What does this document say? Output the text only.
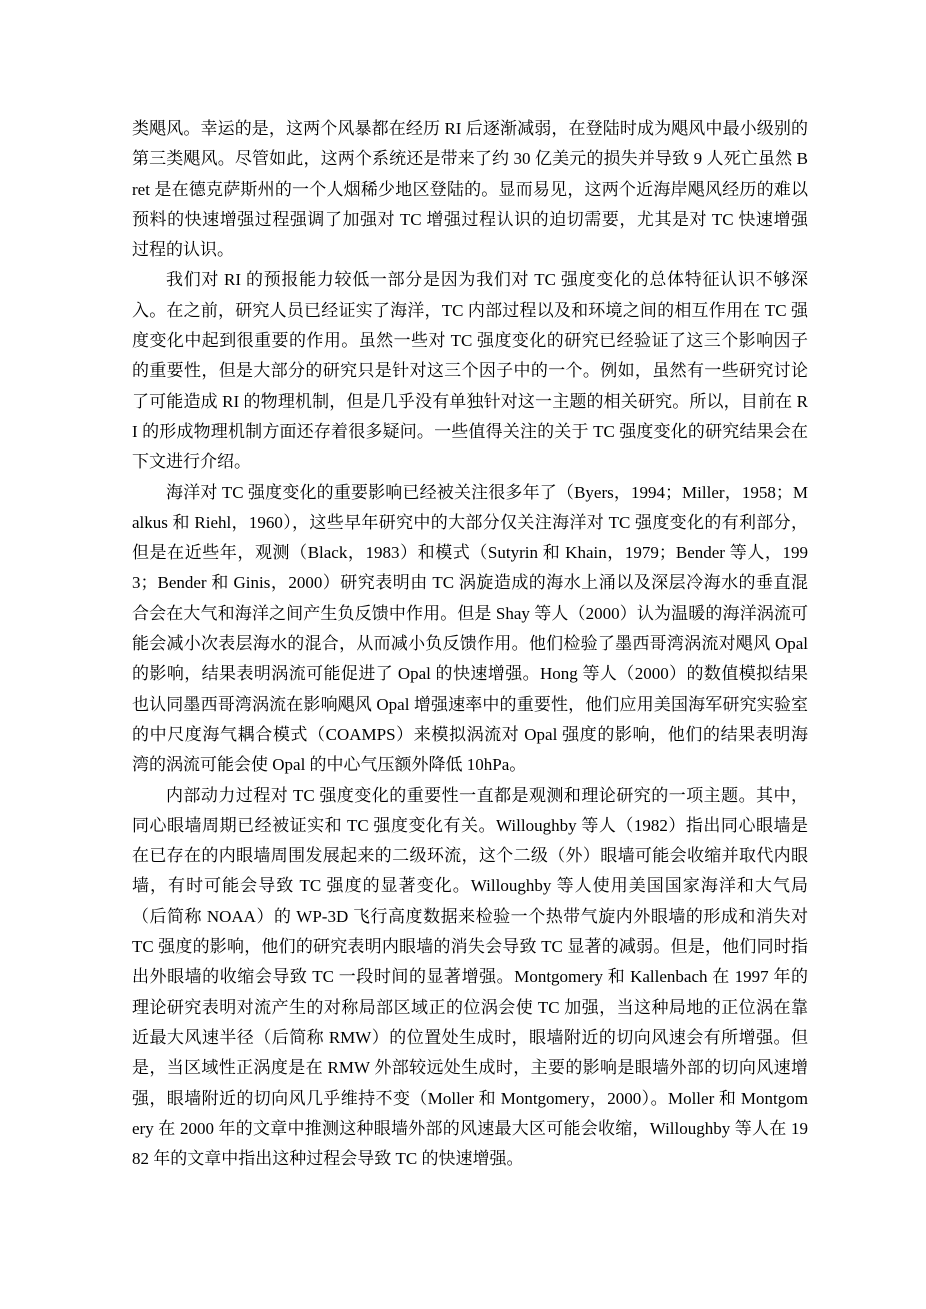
类飓风。幸运的是，这两个风暴都在经历 RI 后逐渐减弱，在登陆时成为飓风中最小级别的
第三类飓风。尽管如此，这两个系统还是带来了约 30 亿美元的损失并导致 9 人死亡虽然 B
ret 是在德克萨斯州的一个人烟稀少地区登陆的。显而易见，这两个近海岸飓风经历的难以
预料的快速增强过程强调了加强对 TC 增强过程认识的迫切需要，尤其是对 TC 快速增强
过程的认识。
我们对 RI 的预报能力较低一部分是因为我们对 TC 强度变化的总体特征认识不够深
入。在之前，研究人员已经证实了海洋，TC 内部过程以及和环境之间的相互作用在 TC 强
度变化中起到很重要的作用。虽然一些对 TC 强度变化的研究已经验证了这三个影响因子
的重要性，但是大部分的研究只是针对这三个因子中的一个。例如，虽然有一些研究讨论
了可能造成 RI 的物理机制，但是几乎没有单独针对这一主题的相关研究。所以，目前在 R
I 的形成物理机制方面还存着很多疑问。一些值得关注的关于 TC 强度变化的研究结果会在
下文进行介绍。
海洋对 TC 强度变化的重要影响已经被关注很多年了（Byers，1994；Miller，1958；M
alkus 和 Riehl，1960），这些早年研究中的大部分仅关注海洋对 TC 强度变化的有利部分，
但是在近些年，观测（Black，1983）和模式（Sutyrin 和 Khain，1979；Bender 等人，199
3；Bender 和 Ginis，2000）研究表明由 TC 涡旋造成的海水上涌以及深层冷海水的垂直混
合会在大气和海洋之间产生负反馈中作用。但是 Shay 等人（2000）认为温暖的海洋涡流可
能会减小次表层海水的混合，从而减小负反馈作用。他们检验了墨西哥湾涡流对飓风 Opal
的影响，结果表明涡流可能促进了 Opal 的快速增强。Hong 等人（2000）的数值模拟结果
也认同墨西哥湾涡流在影响飓风 Opal 增强速率中的重要性，他们应用美国海军研究实验室
的中尺度海气耦合模式（COAMPS）来模拟涡流对 Opal 强度的影响，他们的结果表明海
湾的涡流可能会使 Opal 的中心气压额外降低 10hPa。
内部动力过程对 TC 强度变化的重要性一直都是观测和理论研究的一项主题。其中，
同心眼墙周期已经被证实和 TC 强度变化有关。Willoughby 等人（1982）指出同心眼墙是
在已存在的内眼墙周围发展起来的二级环流，这个二级（外）眼墙可能会收缩并取代内眼
墙，有时可能会导致 TC 强度的显著变化。Willoughby 等人使用美国国家海洋和大气局
（后简称 NOAA）的 WP-3D 飞行高度数据来检验一个热带气旋内外眼墙的形成和消失对
TC 强度的影响，他们的研究表明内眼墙的消失会导致 TC 显著的减弱。但是，他们同时指
出外眼墙的收缩会导致 TC 一段时间的显著增强。Montgomery 和 Kallenbach 在 1997 年的
理论研究表明对流产生的对称局部区域正的位涡会使 TC 加强，当这种局地的正位涡在靠
近最大风速半径（后简称 RMW）的位置处生成时，眼墙附近的切向风速会有所增强。但
是，当区域性正涡度是在 RMW 外部较远处生成时，主要的影响是眼墙外部的切向风速增
强，眼墙附近的切向风几乎维持不变（Moller 和 Montgomery，2000）。Moller 和 Montgom
ery 在 2000 年的文章中推测这种眼墙外部的风速最大区可能会收缩，Willoughby 等人在 19
82 年的文章中指出这种过程会导致 TC 的快速增强。
